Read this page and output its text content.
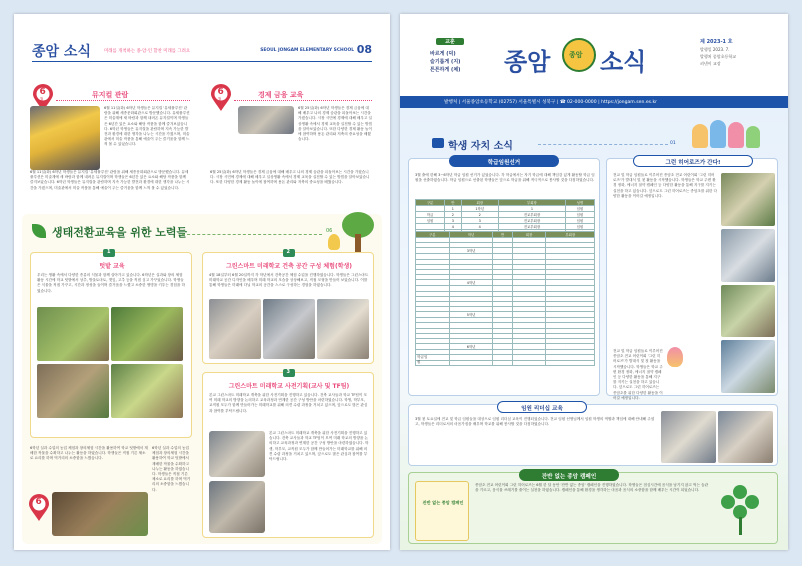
종암 소식	미래를 개척하는 종·암·인 할찬 미래를 그려요	SEOUL JONGAM ELEMENTARY SCHOOL 08
6
월	뮤지컬 관람
6월 11일(화) 6학년 학생들은 뮤지컬 '유세풀루션' 관람을 위해 세종문화회관으로 방문했습니다. 뮤세풀루션은 미술계에 새 바람과 함께 내려온 뮤지컬이며 학생들은 6년간 있은 요소와 해당 작품을 함께 즐겨보았습니다. 6학년 학생들은 뮤지컬을 관람하며 지속 가능한 발전과 환경에 대한 생각을 나누는 시간을 가졌으며, 미술관에서 미술 작품을 통해 예술이 주는 즐거움을 함께 느껴 볼 수 있었습니다.
6
월	경제 금융 교육
6월 25일(화) 6학년 학생들은 경제 금융에 대해 배우고 나의 경제 습관을 되돌아보는 시간을 가졌습니다. 시장 시민에 경제에 대해 배우고 일상생활 속에서 경제 교육을 실천할 수 있는 방법을 알아보았습니다. 또한 다양한 경제 활동 놀이에 참여하며 용돈 관리와 저축의 중요성을 배웠습니다.
6월 11일(화) 6학년 학생들은 뮤지컬 '유세풀루션' 관람을 위해 세종문화회관으로 방문했습니다. 뮤세풀루션은 미술계에 새 바람과 함께 내려온 뮤지컬이며 학생들은 6년간 있은 요소와 해당 작품을 함께 즐겨보았습니다. 6학년 학생들은 뮤지컬을 관람하며 지속 가능한 발전과 환경에 대한 생각을 나누는 시간을 가졌으며, 미술관에서 미술 작품을 통해 예술이 주는 즐거움을 함께 느껴 볼 수 있었습니다.
6월 25일(화) 6학년 학생들은 경제 금융에 대해 배우고 나의 경제 습관을 되돌아보는 시간을 가졌습니다. 시장 시민에 경제에 대해 배우고 일상생활 속에서 경제 교육을 실천할 수 있는 방법을 알아보았습니다. 또한 다양한 경제 활동 놀이에 참여하며 용돈 관리와 저축의 중요성을 배웠습니다.
생태전환교육을 위한 노력들	06
1
텃밭 교육
우리는 생활 속에서 다양한 종류의 식물과 함께 살아가고 있습니다. 6학년은 실과와 창의 체험 활동 시간에 학교 텃밭에서 상추, 방울토마토, 깻잎, 고추 등을 직접 심고 가꾸었습니다. 학생들은 식물을 직접 가꾸고, 시간과 정성을 들이며 즐거움을 느꼈고 소중한 생명을 키우는 경험을 하였습니다.
2
그린스마트 미래학교 건축 공간 구성 체험(학생)
4월 18일부터 6월 20일까지 각 학년에서 건축공간 체험 수업을 진행하였습니다. 학생들은 그린스마트 미래학교 공간 디자인을 배우며 미래 학교의 모습을 상상해보고, 직접 모형을 만들어 보았습니다. 이를 통해 학생들은 미래에 다닐 학교의 공간을 스스로 구성하는 경험을 하였습니다.
3
그린스마트 미래학교 사전기획(교사 및 TF팀)
본교 그린스마트 미래학교 개축을 위한 사전기획을 진행하고 있습니다. 건축 교사들과 학교 TF팀이 모여 미래 학교의 방향을 논의하고 교육과정과 연계한 공간 구성 방안을 마련하였습니다. 학생, 학부모, 교직원 모두가 함께 만들어가는 미래학교를 위해 의견 수렴 과정을 거치고 있으며, 앞으로도 많은 관심과 참여를 부탁드립니다.
본교 그린스마트 미래학교 개축을 위한 사전기획을 진행하고 있습니다. 건축 교사들과 학교 TF팀이 모여 미래 학교의 방향을 논의하고 교육과정과 연계한 공간 구성 방안을 마련하였습니다. 학생, 학부모, 교직원 모두가 함께 만들어가는 미래학교를 위해 의견 수렴 과정을 거치고 있으며, 앞으로도 많은 관심과 참여를 부탁드립니다.
6
6학년 실과 수업의 농업 체험과 창의체험 시간을 활용하여 학교 텃밭에서 재배한 작물을 수확하고 나누는 활동을 하였습니다. 학생들은 직접 기른 채소로 요리를 하며 먹거리의 소중함을 느꼈습니다.
6학년 실과 수업의 농업 체험과 창의체험 시간을 활용하여 학교 텃밭에서 재배한 작물을 수확하고 나누는 활동을 하였습니다. 학생들은 직접 기른 채소로 요리를 하며 먹거리의 소중함을 느꼈습니다.
교훈
바르게 (덕)
슬기롭게 (지)
튼튼하게 (체) 종암	종암 소식
제 2023-1 호
발행일 2023. 7.
발행처 종암초등학교
펴낸이 교장
발행처 | 서울종암초등학교 (02757) 서울특별시 성북구 | ☎ 02-000-0000 | https://jongam.sen.es.kr
학생 자치 소식	01
학급임원선거
3월 출에 한해 3~6학년 학급 임원 선거가 있었습니다. 각 학급에서는 자기 학급에 대해 책임감 있게 활동할 학급 임원을 선출하였습니다. 학급 임원으로 선출된 학생들은 앞으로 학급을 위해 적극적으로 봉사할 것을 다짐하였습니다.
구분	반	회장	부회장	성명
	1	1학년	1	임원
학급	2	2	전교부회장	임원
임원	3	3	전교부회장	임원
	4	4	전교부회장	임원

구분	학년	반	회장	부회장

	3학년			

	4학년			

	5학년			

	6학년			

학급임원
그런 히어로즈가 간다!
전교 및 학급 임원들로 이루어진 종암초 전교 어린이회 '그린 히어로즈'가 발대식 및 첫 활동을 시작했습니다. 학생들은 학교 주변 환경 정화, 에너지 절약 캠페인 등 다양한 활동을 통해 지구를 지키는 실천을 하고 있습니다. 앞으로도 그린 히어로즈는 종암초를 위한 다양한 활동을 이어갈 예정입니다.
전교 및 학급 임원들로 이루어진 종암초 전교 어린이회 '그린 히어로즈'가 발대식 및 첫 활동을 시작했습니다. 학생들은 학교 주변 환경 정화, 에너지 절약 캠페인 등 다양한 활동을 통해 지구를 지키는 실천을 하고 있습니다. 앞으로도 그린 히어로즈는 종암초를 위한 다양한 활동을 이어갈 예정입니다.
임원 리더십 교육
3월 첫 토요일에 전교 및 학급 임원들을 대상으로 임원 리더십 교육이 진행되었습니다. 전교 임원 선생님께서 임원 학생의 역할과 책임에 대해 안내해 주셨고, 학생들은 리더로서의 마음가짐을 배우며 학교를 위해 봉사할 것을 다짐하였습니다.
잔반 없는 종암 캠페인
잔반 없는 종암 캠페인
종암초 전교 어린이회 그린 히어로즈는 6월 한 달 동안 '잔반 없는 종암' 캠페인을 진행하였습니다. 학생들은 점심시간에 음식을 남기지 않고 먹는 습관을 기르고, 음식물 쓰레기를 줄이는 실천을 하였습니다. 캠페인을 통해 환경을 생각하는 마음과 음식의 소중함을 함께 배우는 시간이 되었습니다.
